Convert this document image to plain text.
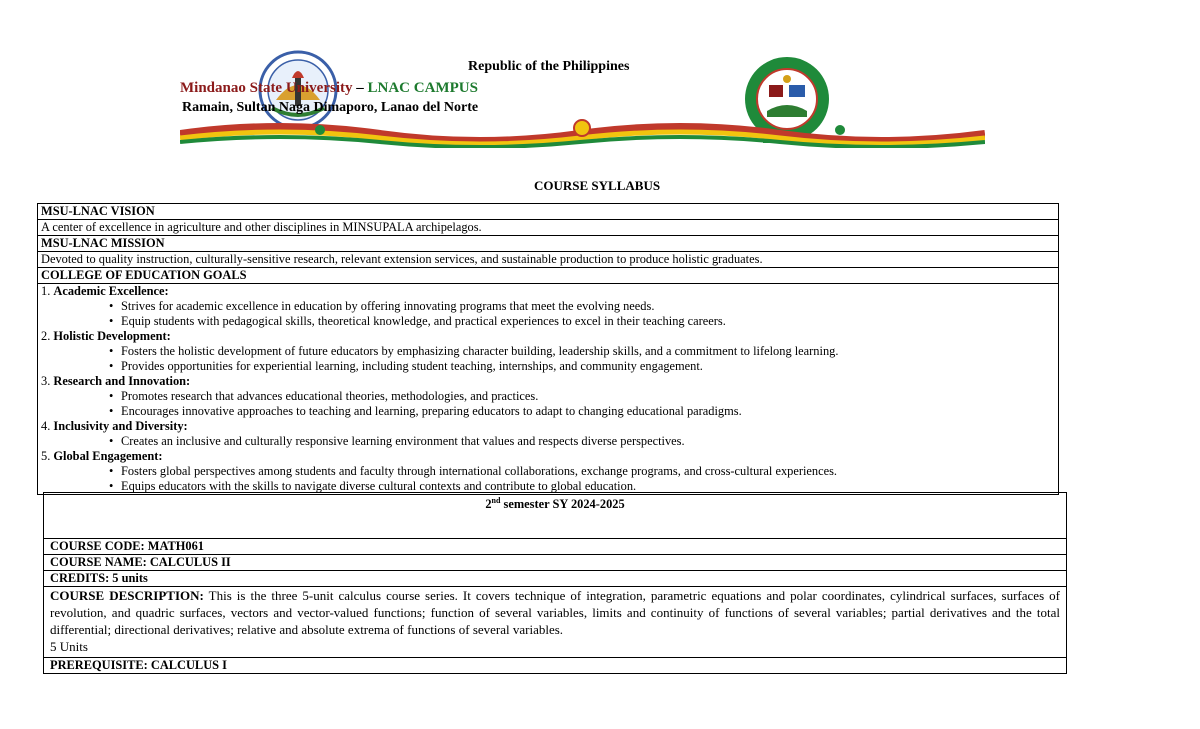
Republic of the Philippines
Mindanao State University – LNAC CAMPUS
Ramain, Sultan Naga Dimaporo, Lanao del Norte
COURSE SYLLABUS
MSU-LNAC VISION
A center of excellence in agriculture and other disciplines in MINSUPALA archipelagos.
MSU-LNAC MISSION
Devoted to quality instruction, culturally-sensitive research, relevant extension services, and sustainable production to produce holistic graduates.
COLLEGE OF EDUCATION GOALS

1. Academic Excellence:
• Strives for academic excellence in education by offering innovating programs that meet the evolving needs.
• Equip students with pedagogical skills, theoretical knowledge, and practical experiences to excel in their teaching careers.
2. Holistic Development:
• Fosters the holistic development of future educators by emphasizing character building, leadership skills, and a commitment to lifelong learning.
• Provides opportunities for experiential learning, including student teaching, internships, and community engagement.
3. Research and Innovation:
• Promotes research that advances educational theories, methodologies, and practices.
• Encourages innovative approaches to teaching and learning, preparing educators to adapt to changing educational paradigms.
4. Inclusivity and Diversity:
• Creates an inclusive and culturally responsive learning environment that values and respects diverse perspectives.
5. Global Engagement:
• Fosters global perspectives among students and faculty through international collaborations, exchange programs, and cross-cultural experiences.
• Equips educators with the skills to navigate diverse cultural contexts and contribute to global education.
2nd semester SY 2024-2025

COURSE CODE: MATH061
COURSE NAME: CALCULUS II
CREDITS: 5 units
COURSE DESCRIPTION: This is the three 5-unit calculus course series. It covers technique of integration, parametric equations and polar coordinates, cylindrical surfaces, surfaces of revolution, and quadric surfaces, vectors and vector-valued functions; function of several variables, limits and continuity of functions of several variables; partial derivatives and the total differential; directional derivatives; relative and absolute extrema of functions of several variables.
5 Units

PREREQUISITE: CALCULUS I
